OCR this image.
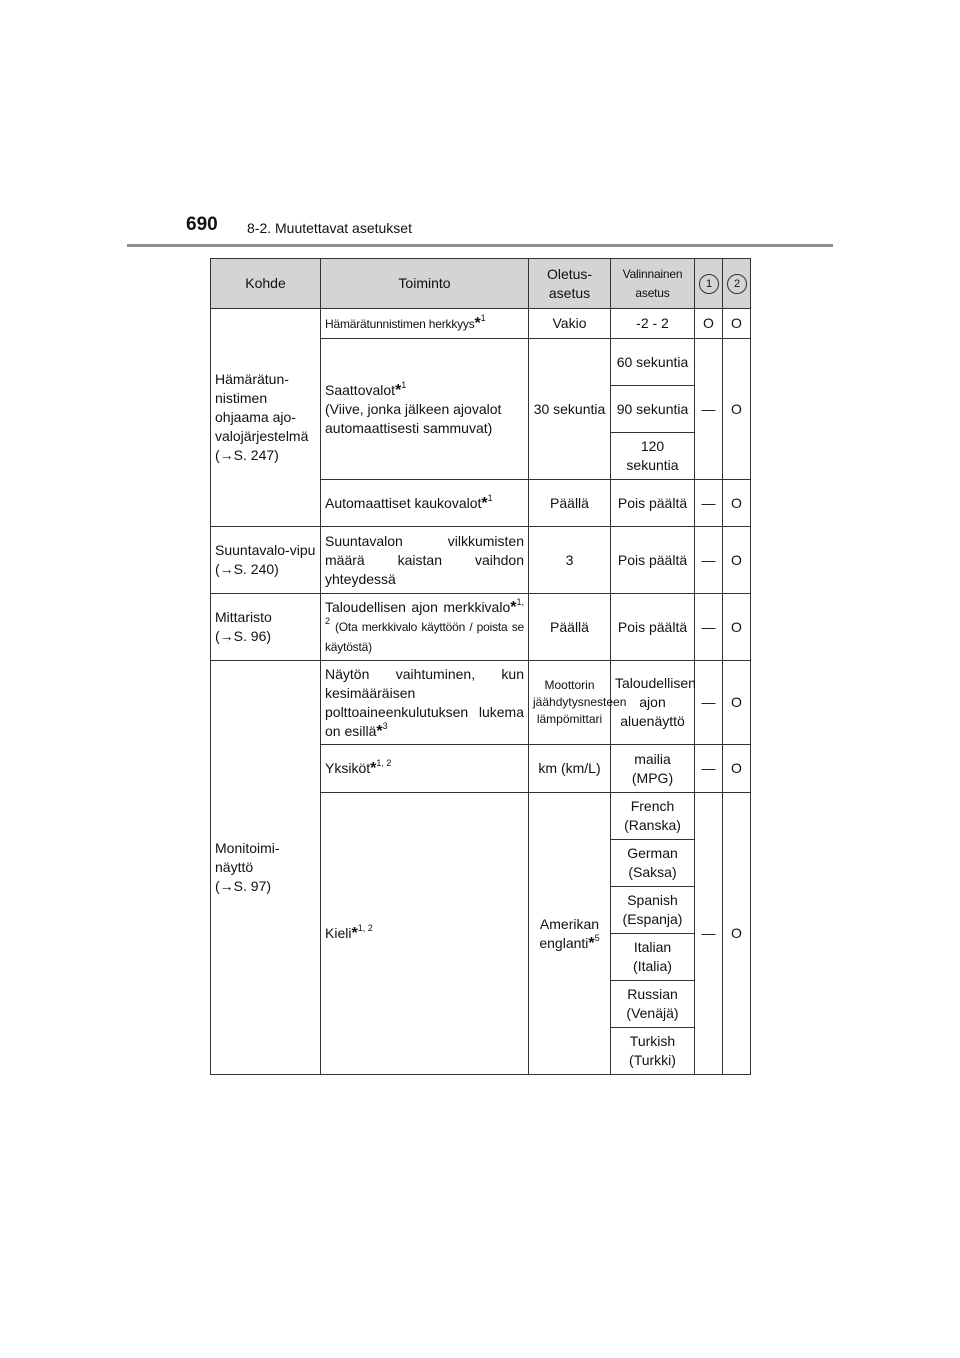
690 8-2. Muutettavat asetukset
Kohde	Toiminto	Oletus-asetus	Valinnainen asetus	1	2
Hämärätun-nistimen ohjaama ajo-valojärjestelmä
(→S. 247)	Hämärätunnistimen herkkyys*$^1$	Vakio	-2 - 2	O	O
	Saattovalot*$^1$
(Viive, jonka jälkeen ajovalot automaattisesti sammuvat)	30 sekuntia	60 sekuntia	—	O
			90 sekuntia		
			120 sekuntia		
	Automaattiset kaukovalot*$^1$	Päällä	Pois päältä	—	O
Suuntavalo-vipu
(→S. 240)	Suuntavalon vilkkumisten määrä kaistan vaihdon yhteydessä	3	Pois päältä	—	O
Mittaristo
(→S. 96)	Taloudellisen ajon merkkivalo*$^{1, 2}$ (Ota merkkivalo käyttöön / poista se käytöstä)	Päällä	Pois päältä	—	O
Monitoimi-näyttö
(→S. 97)	Näytön vaihtuminen, kun kesimääräisen polttoaineenkulutuksen lukema on esillä*$^3$	Moottorin jäähdytysnesteen lämpömittari	Taloudellisen ajon aluenäyttö	—	O
	Yksiköt*$^{1, 2}$	km (km/L)	mailia (MPG)	—	O
	Kieli*$^{1, 2}$	Amerikan englanti*$^5$	French (Ranska)	—	O
			German (Saksa)		
			Spanish (Espanja)		
			Italian (Italia)		
			Russian (Venäjä)		
			Turkish (Turkki)		
